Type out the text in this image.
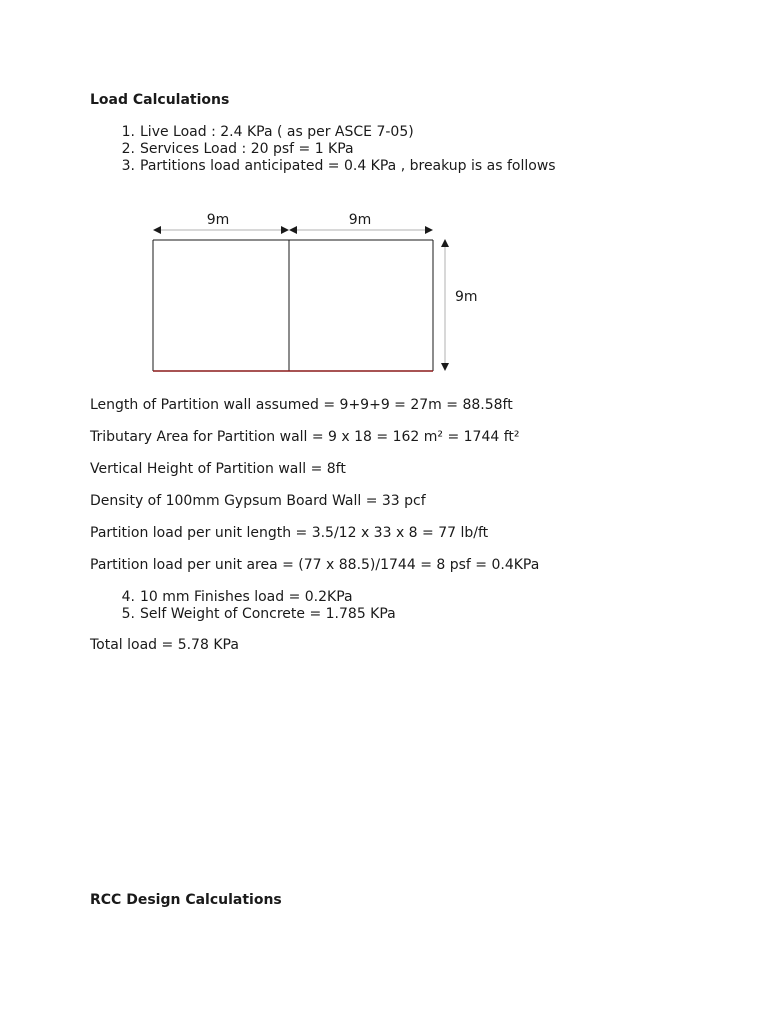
Load Calculations
1. Live Load : 2.4 KPa ( as per ASCE 7-05)
2. Services Load : 20 psf = 1 KPa
3. Partitions load anticipated = 0.4 KPa , breakup is as follows
9m	9m
9m

Length of Partition wall assumed = 9+9+9 = 27m = 88.58ft

Tributary Area for Partition wall = 9 x 18 = 162 m² = 1744 ft²

Vertical Height of Partition wall = 8ft

Density of 100mm Gypsum Board Wall = 33 pcf

Partition load per unit length = 3.5/12 x 33 x 8 = 77 lb/ft

Partition load per unit area = (77 x 88.5)/1744 = 8 psf = 0.4KPa

4. 10 mm Finishes load = 0.2KPa
5. Self Weight of Concrete = 1.785 KPa

Total load = 5.78 KPa

RCC Design Calculations
